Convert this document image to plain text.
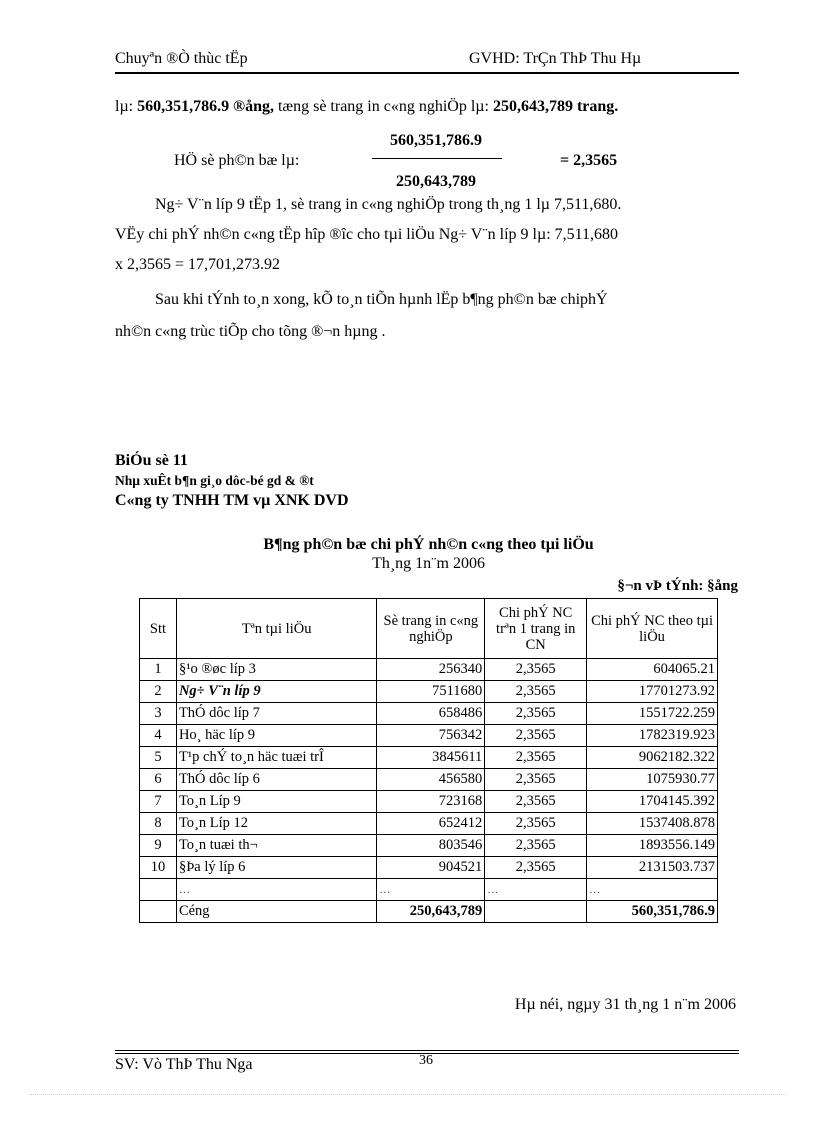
Chuyªn ®Ò thùc tËp	GVHD: TrÇn ThÞ Thu Hµ
lµ: 560,351,786.9 ®ång, tæng sè trang in c«ng nghiÖp lµ: 250,643,789 trang.
HÖ sè ph©n bæ lµ:
560,351,786.9
250,643,789
= 2,3565
Ng÷ V¨n líp 9 tËp 1, sè trang in c«ng nghiÖp trong th¸ng 1 lµ 7,511,680.
VËy chi phÝ nh©n c«ng tËp hîp ®îc cho tµi liÖu Ng÷ V¨n líp 9 lµ: 7,511,680
x 2,3565 = 17,701,273.92
Sau khi tÝnh to¸n xong, kÕ to¸n tiÕn hµnh lËp b¶ng ph©n bæ chiphÝ
nh©n c«ng trùc tiÕp cho tõng ®¬n hµng .
BiÓu sè 11
Nhµ xuÊt b¶n gi¸o dôc-bé gd & ®t
C«ng ty TNHH TM vµ XNK DVD
B¶ng ph©n bæ chi phÝ nh©n c«ng theo tµi liÖu
Th¸ng 1n¨m 2006
§¬n vÞ tÝnh: §ång
Stt	Tªn tµi liÖu	Sè trang in c«ng nghiÖp	Chi phÝ NC trªn 1 trang in CN	Chi phÝ NC theo tµi liÖu
1	§¹o ®øc líp 3	256340	2,3565	604065.21
2	Ng÷ V¨n líp 9	7511680	2,3565	17701273.92
3	ThÓ dôc líp 7	658486	2,3565	1551722.259
4	Ho¸ häc líp 9	756342	2,3565	1782319.923
5	T¹p chÝ to¸n häc tuæi trÎ	3845611	2,3565	9062182.322
6	ThÓ dôc líp 6	456580	2,3565	1075930.77
7	To¸n Líp 9	723168	2,3565	1704145.392
8	To¸n Líp 12	652412	2,3565	1537408.878
9	To¸n tuæi th¬	803546	2,3565	1893556.149
10	§Þa lý líp 6	904521	2,3565	2131503.737
	…	…	…	…
	Céng	250,643,789		560,351,786.9
Hµ néi, ngµy 31 th¸ng 1 n¨m 2006
SV: Vò ThÞ Thu Nga	36
